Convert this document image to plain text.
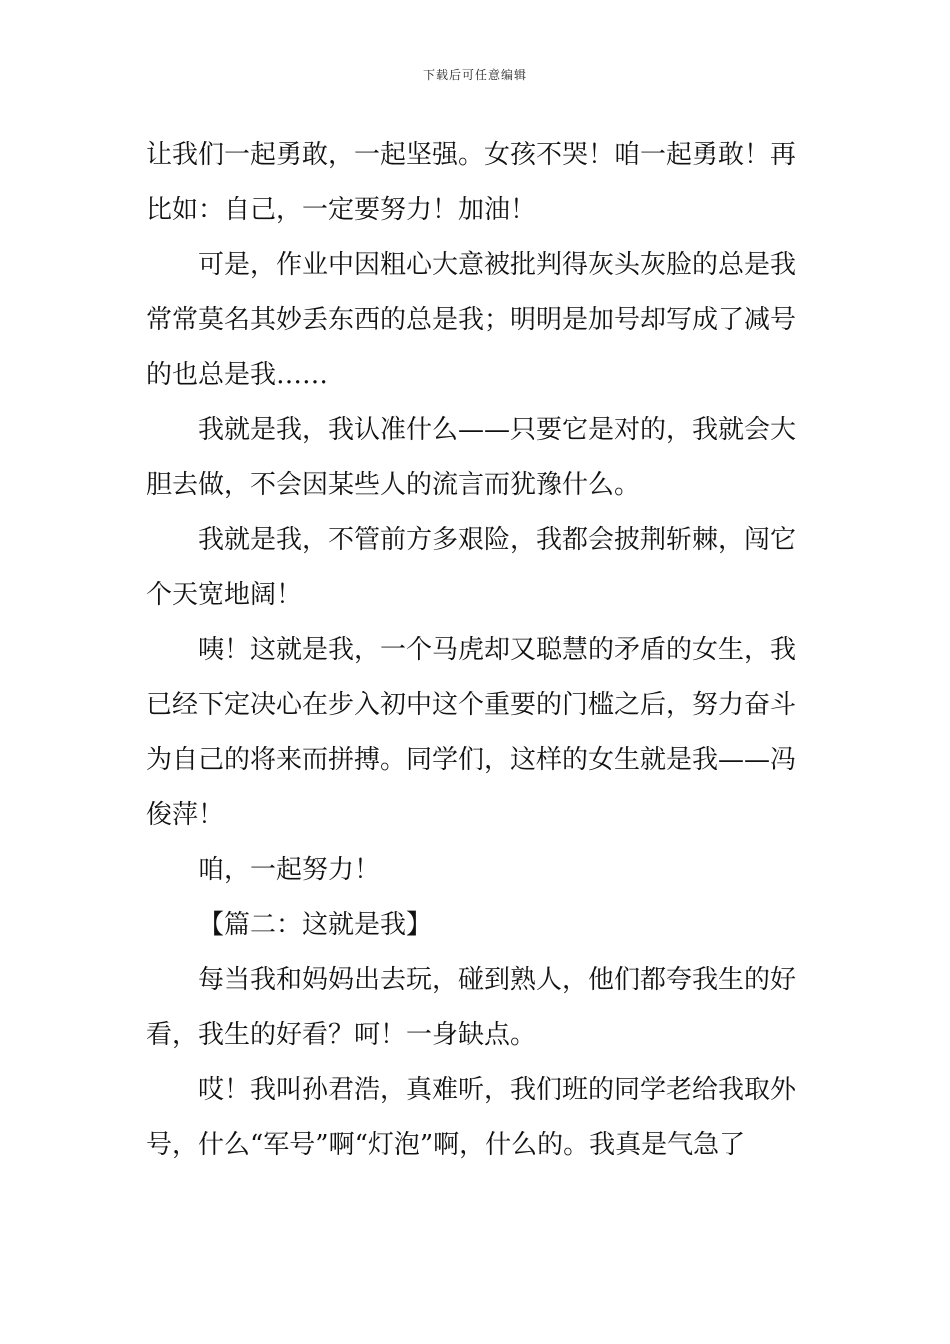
下载后可任意编辑
让我们一起勇敢，一起坚强。女孩不哭！咱一起勇敢！再
比如：自己，一定要努力！加油！
可是，作业中因粗心大意被批判得灰头灰脸的总是我
常常莫名其妙丢东西的总是我；明明是加号却写成了减号
的也总是我……
我就是我，我认准什么——只要它是对的，我就会大
胆去做，不会因某些人的流言而犹豫什么。
我就是我，不管前方多艰险，我都会披荆斩棘，闯它
个天宽地阔！
咦！这就是我，一个马虎却又聪慧的矛盾的女生，我
已经下定决心在步入初中这个重要的门槛之后，努力奋斗
为自己的将来而拼搏。同学们，这样的女生就是我——冯
俊萍！
咱，一起努力！
【篇二：这就是我】
每当我和妈妈出去玩，碰到熟人，他们都夸我生的好
看，我生的好看？呵！一身缺点。
哎！我叫孙君浩，真难听，我们班的同学老给我取外
号，什么“军号”啊“灯泡”啊，什么的。我真是气急了
